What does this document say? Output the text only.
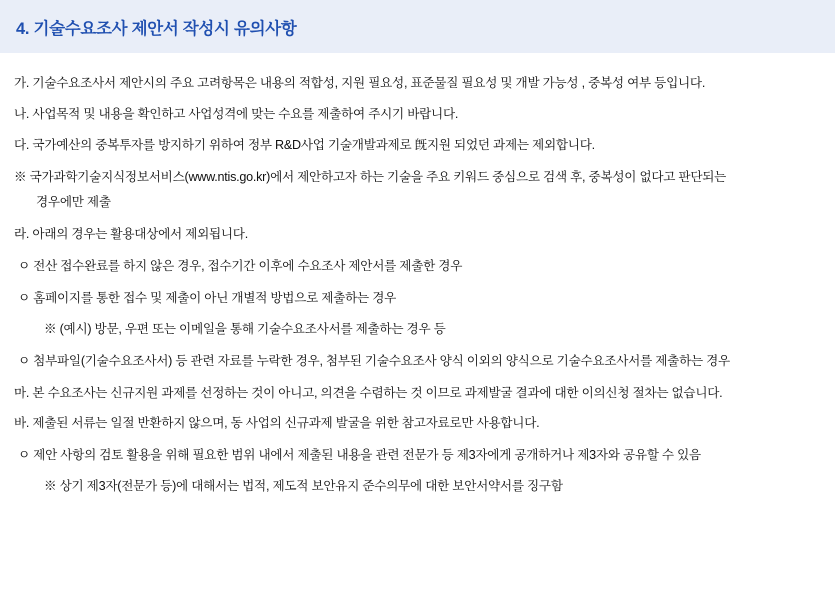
4. 기술수요조사 제안서 작성시 유의사항
가. 기술수요조사서 제안시의 주요 고려항목은 내용의 적합성, 지원 필요성, 표준물질 필요성 및 개발 가능성 , 중복성 여부 등입니다.
나. 사업목적 및 내용을 확인하고 사업성격에 맞는 수요를 제출하여 주시기 바랍니다.
다. 국가예산의 중복투자를 방지하기 위하여 정부 R&D사업 기술개발과제로 旣지원 되었던 과제는 제외합니다.
※ 국가과학기술지식정보서비스(www.ntis.go.kr)에서 제안하고자 하는 기술을 주요 키워드 중심으로 검색 후, 중복성이 없다고 판단되는
경우에만 제출
라. 아래의 경우는 활용대상에서 제외됩니다.
ㅇ 전산 접수완료를 하지 않은 경우, 접수기간 이후에 수요조사 제안서를 제출한 경우
ㅇ 홈페이지를 통한 접수 및 제출이 아닌 개별적 방법으로 제출하는 경우
※ (예시) 방문, 우편 또는 이메일을 통해 기술수요조사서를 제출하는 경우 등
ㅇ 첨부파일(기술수요조사서) 등 관련 자료를 누락한 경우, 첨부된 기술수요조사 양식 이외의 양식으로 기술수요조사서를 제출하는 경우
마. 본 수요조사는 신규지원 과제를 선정하는 것이 아니고, 의견을 수렴하는 것 이므로 과제발굴 결과에 대한 이의신청 절차는 없습니다.
바. 제출된 서류는 일절 반환하지 않으며, 동 사업의 신규과제 발굴을 위한 참고자료로만 사용합니다.
ㅇ 제안 사항의 검토 활용을 위해 필요한 범위 내에서 제출된 내용을 관련 전문가 등 제3자에게 공개하거나 제3자와 공유할 수 있음
※ 상기 제3자(전문가 등)에 대해서는 법적, 제도적 보안유지 준수의무에 대한 보안서약서를 징구함
